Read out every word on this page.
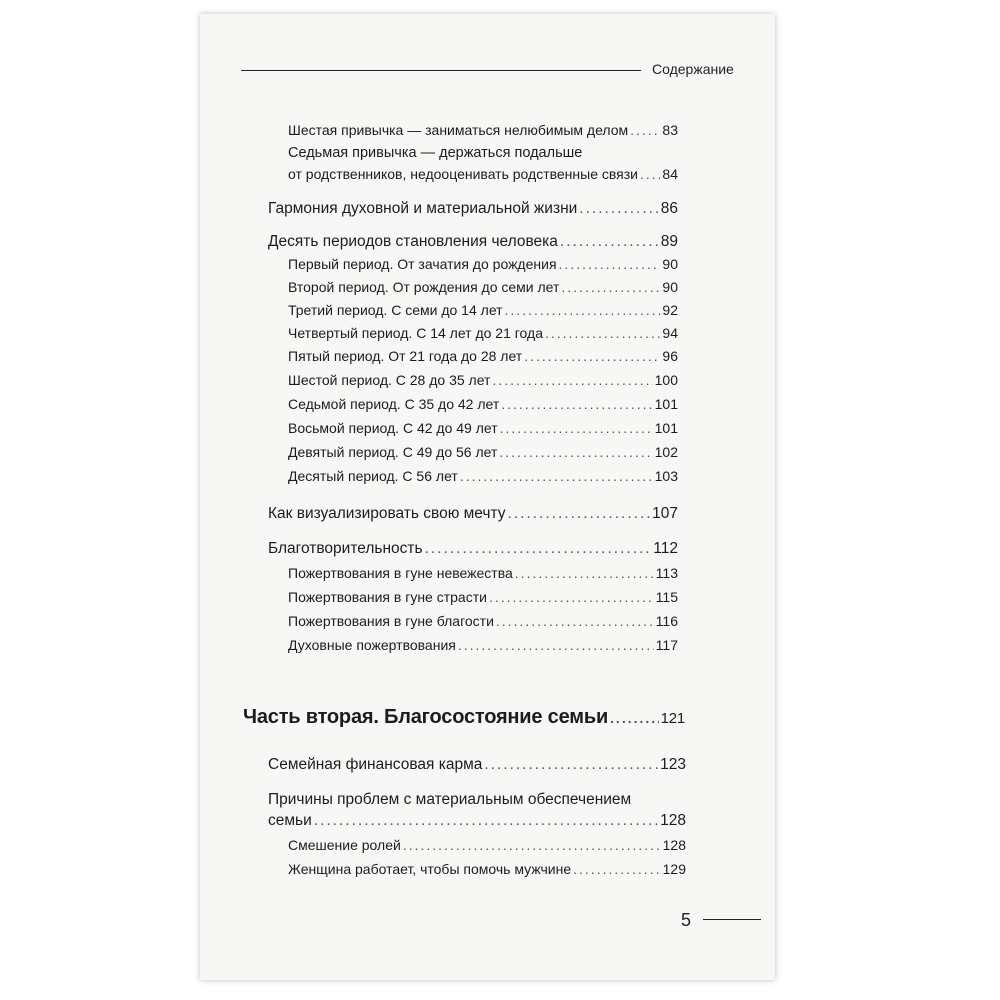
Содержание
Шестая привычка — заниматься нелюбимым делом ..... 83
Седьмая привычка — держаться подальше
от родственников, недооценивать родственные связи ..... 84
Гармония духовной и материальной жизни .....	86
Десять периодов становления человека .....	89
Первый период. От зачатия до рождения .....	90
Второй период. От рождения до семи лет .....	90
Третий период. С семи до 14 лет .....	92
Четвертый период. С 14 лет до 21 года .....	94
Пятый период. От 21 года до 28 лет .....	96
Шестой период. С 28 до 35 лет .....	100
Седьмой период. С 35 до 42 лет .....	101
Восьмой период. С 42 до 49 лет .....	101
Девятый период. С 49 до 56 лет .....	102
Десятый период. С 56 лет .....	103
Как визуализировать свою мечту .....	107
Благотворительность .....	112
Пожертвования в гуне невежества .....	113
Пожертвования в гуне страсти .....	115
Пожертвования в гуне благости .....	116
Духовные пожертвования .....	117
Часть вторая. Благосостояние семьи .....	121
Семейная финансовая карма .....	123
Причины проблем с материальным обеспечением
семьи .....	128
Смешение ролей .....	128
Женщина работает, чтобы помочь мужчине .....	129
5
